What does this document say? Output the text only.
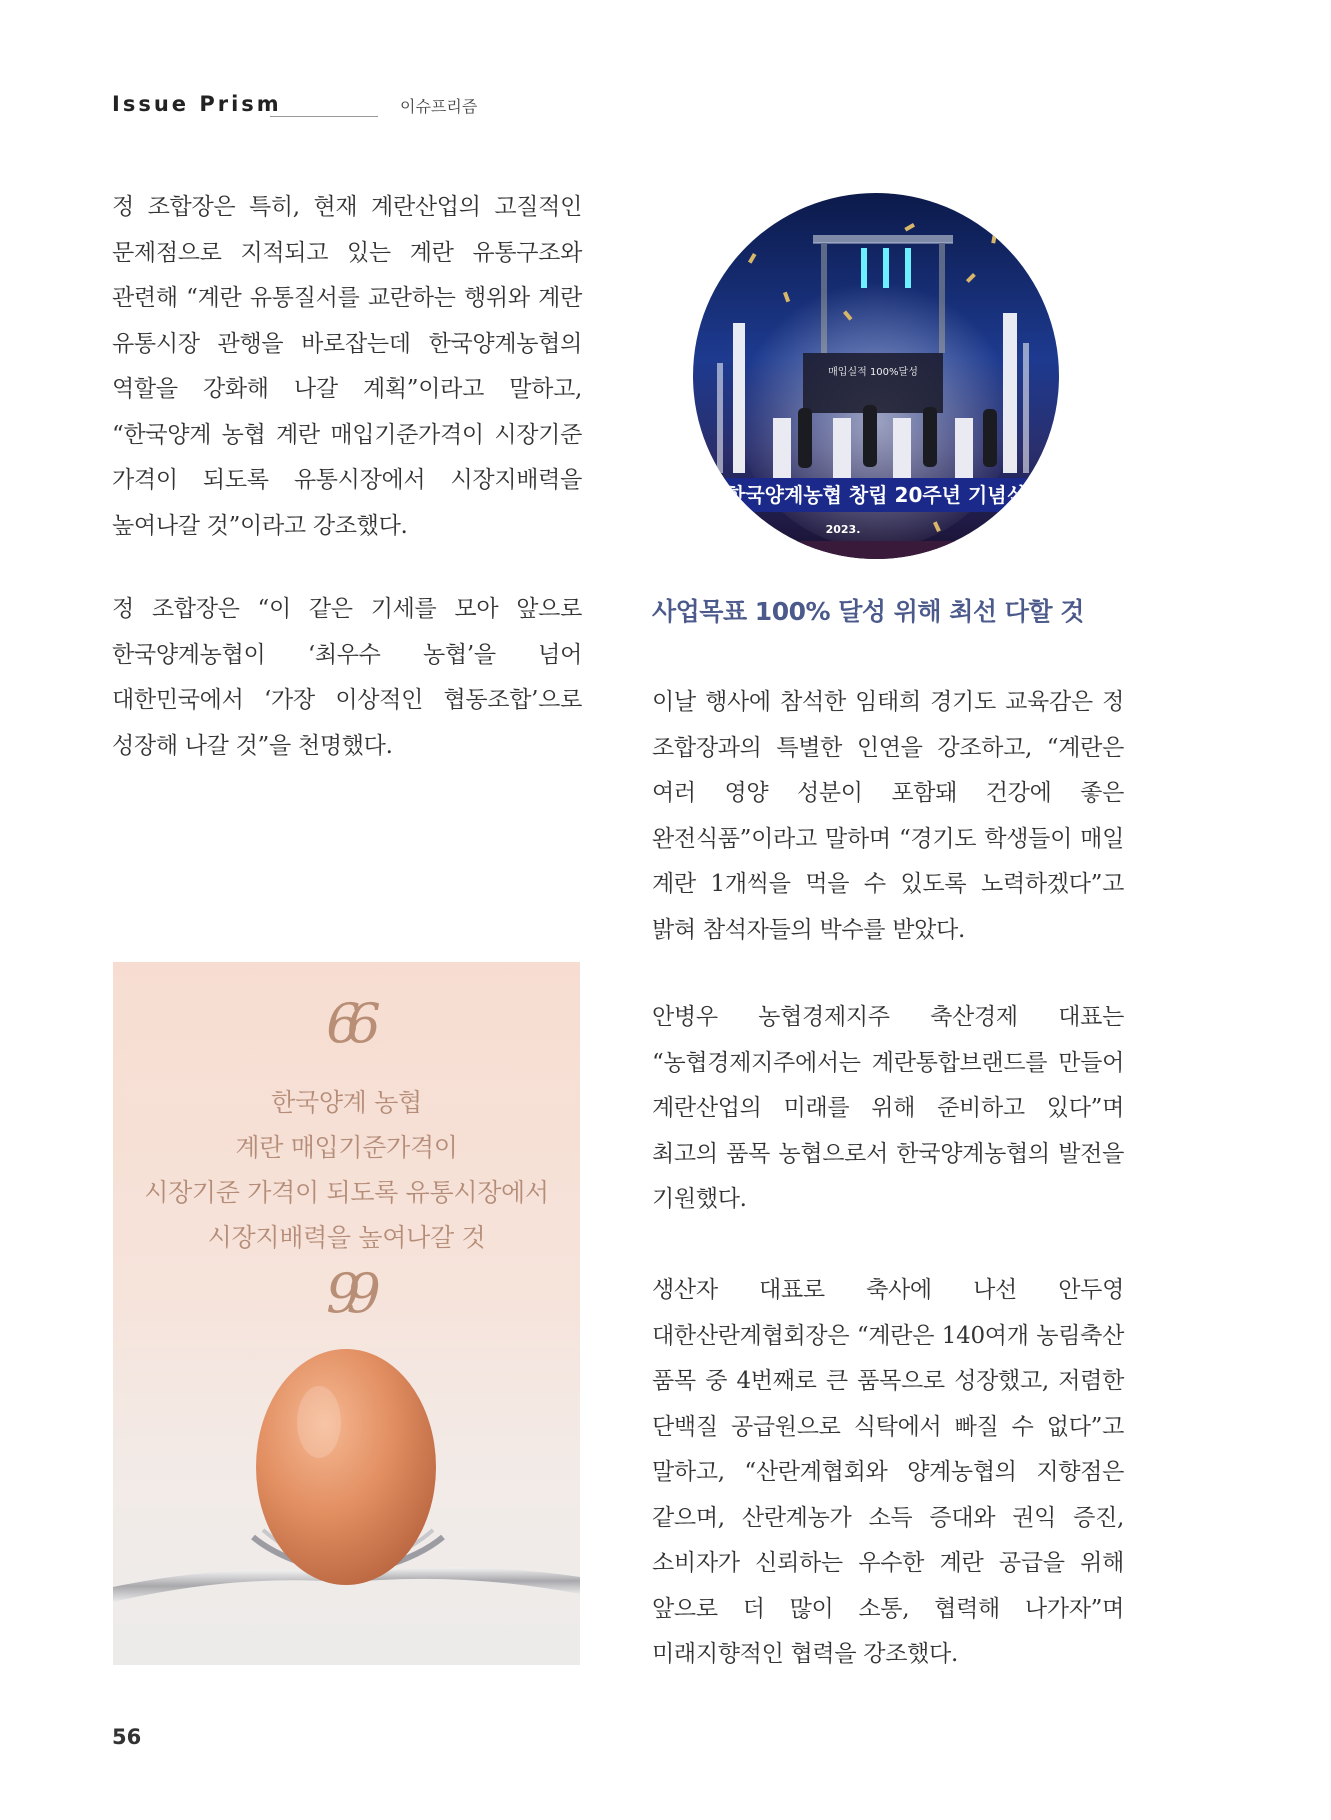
Issue Prism	이슈프리즘

정 조합장은 특히, 현재 계란산업의 고질적인 문제점으로 지적되고 있는 계란 유통구조와 관련해 “계란 유통질서를 교란하는 행위와 계란 유통시장 관행을 바로잡는데 한국양계농협의 역할을 강화해 나갈 계획”이라고 말하고, “한국양계 농협 계란 매입기준가격이 시장기준 가격이 되도록 유통시장에서 시장지배력을 높여나갈 것”이라고 강조했다.

정 조합장은 “이 같은 기세를 모아 앞으로 한국양계농협이 ‘최우수 농협’을 넘어 대한민국에서 ‘가장 이상적인 협동조합’으로 성장해 나갈 것”을 천명했다.

매입실적 100%달성
한국양계농협 창립 20주년 기념식
2023.
사업목표 100% 달성 위해 최선 다할 것

이날 행사에 참석한 임태희 경기도 교육감은 정 조합장과의 특별한 인연을 강조하고, “계란은 여러 영양 성분이 포함돼 건강에 좋은 완전식품”이라고 말하며 “경기도 학생들이 매일 계란 1개씩을 먹을 수 있도록 노력하겠다”고 밝혀 참석자들의 박수를 받았다.

안병우 농협경제지주 축산경제 대표는 “농협경제지주에서는 계란통합브랜드를 만들어 계란산업의 미래를 위해 준비하고 있다”며 최고의 품목 농협으로서 한국양계농협의 발전을 기원했다.

생산자 대표로 축사에 나선 안두영 대한산란계협회장은 “계란은 140여개 농림축산 품목 중 4번째로 큰 품목으로 성장했고, 저렴한 단백질 공급원으로 식탁에서 빠질 수 없다”고 말하고, “산란계협회와 양계농협의 지향점은 같으며, 산란계농가 소득 증대와 권익 증진, 소비자가 신뢰하는 우수한 계란 공급을 위해 앞으로 더 많이 소통, 협력해 나가자”며 미래지향적인 협력을 강조했다.

66
한국양계 농협
계란 매입기준가격이
시장기준 가격이 되도록 유통시장에서
시장지배력을 높여나갈 것
99
56
